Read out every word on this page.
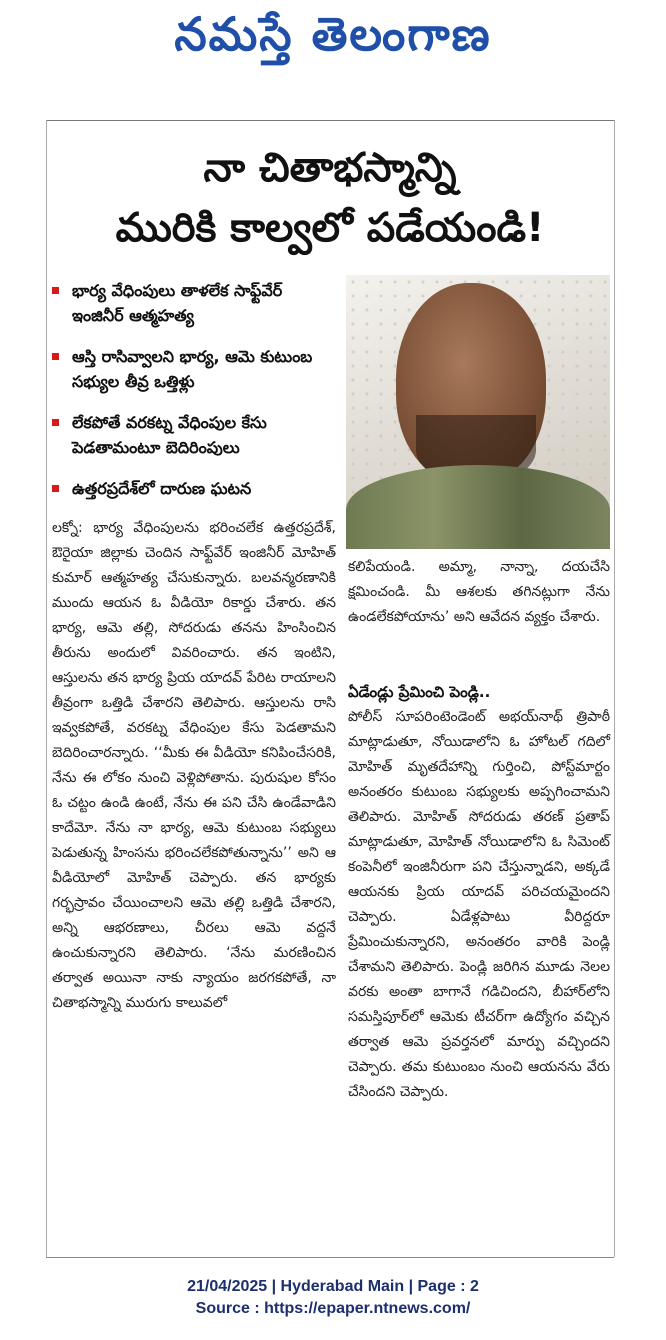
నమస్తే తెలంగాణ
నా చితాభస్మాన్ని
మురికి కాల్వలో పడేయండి!
భార్య వేధింపులు తాళలేక సాఫ్ట్‌వేర్ ఇంజినీర్ ఆత్మహత్య
ఆస్తి రాసివ్వాలని భార్య, ఆమె కుటుంబ సభ్యుల తీవ్ర ఒత్తిళ్లు
లేకపోతే వరకట్న వేధింపుల కేసు పెడతామంటూ బెదిరింపులు
ఉత్తరప్రదేశ్‌లో దారుణ ఘటన

లక్నో: భార్య వేధింపులను భరించలేక ఉత్తరప్రదేశ్, ఔరైయా జిల్లాకు చెందిన సాఫ్ట్‌వేర్ ఇంజినీర్ మోహిత్ కుమార్ ఆత్మహత్య చేసుకున్నారు. బలవన్మరణానికి ముందు ఆయన ఓ వీడియో రికార్డు చేశారు. తన భార్య, ఆమె తల్లి, సోదరుడు తనను హింసించిన తీరును అందులో వివరించారు. తన ఇంటిని, ఆస్తులను తన భార్య ప్రియ యాదవ్ పేరిట రాయాలని తీవ్రంగా ఒత్తిడి చేశారని తెలిపారు. ఆస్తులను రాసి ఇవ్వకపోతే, వరకట్న వేధింపుల కేసు పెడతామని బెదిరించారన్నారు. ‘‘మీకు ఈ వీడియో కనిపించేసరికి, నేను ఈ లోకం నుంచి వెళ్లిపోతాను. పురుషుల కోసం ఓ చట్టం ఉండి ఉంటే, నేను ఈ పని చేసి ఉండేవాడిని కాదేమో. నేను నా భార్య, ఆమె కుటుంబ సభ్యులు పెడుతున్న హింసను భరించలేకపోతున్నాను’’ అని ఆ వీడియోలో మోహిత్ చెప్పారు. తన భార్యకు గర్భస్రావం చేయించాలని ఆమె తల్లి ఒత్తిడి చేశారని, అన్ని ఆభరణాలు, చీరలు ఆమె వద్దనే ఉంచుకున్నారని తెలిపారు. ‘నేను మరణించిన తర్వాత అయినా నాకు న్యాయం జరగకపోతే, నా చితాభస్మాన్ని మురుగు కాలువలో

కలిపేయండి. అమ్మా, నాన్నా, దయచేసి క్షమించండి. మీ ఆశలకు తగినట్లుగా నేను ఉండలేకపోయాను’ అని ఆవేదన వ్యక్తం చేశారు.

ఏడేండ్లు ప్రేమించి పెండ్లి..

పోలీస్ సూపరింటెండెంట్ అభయ్‌నాథ్ త్రిపాఠీ మాట్లాడుతూ, నోయిడాలోని ఓ హోటల్ గదిలో మోహిత్ మృతదేహాన్ని గుర్తించి, పోస్ట్‌మార్టం అనంతరం కుటుంబ సభ్యులకు అప్పగించామని తెలిపారు. మోహిత్ సోదరుడు తరణ్ ప్రతాప్ మాట్లాడుతూ, మోహిత్ నోయిడాలోని ఓ సిమెంట్ కంపెనీలో ఇంజినీరుగా పని చేస్తున్నాడని, అక్కడే ఆయనకు ప్రియ యాదవ్ పరిచయమైందని చెప్పారు. ఏడేళ్లపాటు వీరిద్దరూ ప్రేమించుకున్నారని, అనంతరం వారికి పెండ్లి చేశామని తెలిపారు. పెండ్లి జరిగిన మూడు నెలల వరకు అంతా బాగానే గడిచిందని, బీహార్‌లోని సమస్తిపూర్‌లో ఆమెకు టీచర్‌గా ఉద్యోగం వచ్చిన తర్వాత ఆమె ప్రవర్తనలో మార్పు వచ్చిందని చెప్పారు. తమ కుటుంబం నుంచి ఆయనను వేరు చేసిందని చెప్పారు.

21/04/2025 | Hyderabad Main | Page : 2
Source : https://epaper.ntnews.com/
